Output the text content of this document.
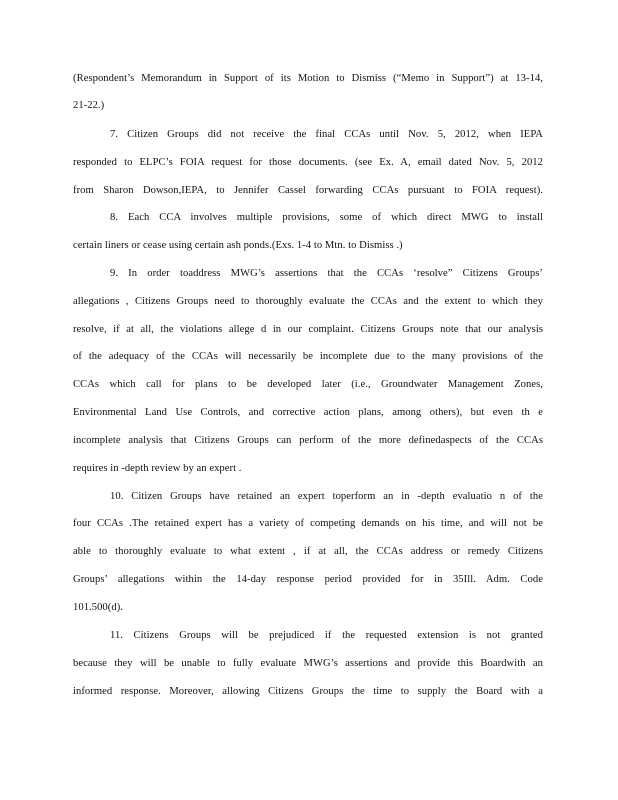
(Respondent’s Memorandum in Support of its Motion to Dismiss (“Memo in Support”) at 13-14,
21-22.)
7. Citizen Groups did not receive the final CCAs until Nov. 5, 2012, when IEPA
responded to ELPC’s FOIA request for those documents. (see Ex. A, email dated Nov. 5, 2012
from Sharon Dowson,IEPA, to Jennifer Cassel forwarding CCAs pursuant to FOIA request).
8. Each CCA involves multiple provisions, some of which direct MWG to install
certain liners or cease using certain ash ponds.(Exs. 1-4 to Mtn. to Dismiss .)
9. In order toaddress MWG’s assertions that the CCAs ‘resolve” Citizens Groups’
allegations , Citizens Groups need to thoroughly evaluate the CCAs and the extent to which they
resolve, if at all, the violations allege d in our complaint. Citizens Groups note that our analysis
of the adequacy of the CCAs will necessarily be incomplete due to the many provisions of the
CCAs which call for plans to be developed later (i.e., Groundwater Management Zones,
Environmental Land Use Controls, and corrective action plans, among others), but even th e
incomplete analysis that Citizens Groups can perform of the more definedaspects of the CCAs
requires in -depth review by an expert .
10. Citizen Groups have retained an expert toperform an in -depth evaluatio n of the
four CCAs .The retained expert has a variety of competing demands on his time, and will not be
able to thoroughly evaluate to what extent , if at all, the CCAs address or remedy Citizens
Groups’ allegations within the 14-day response period provided for in 35Ill. Adm. Code
101.500(d).
11. Citizens Groups will be prejudiced if the requested extension is not granted
because they will be unable to fully evaluate MWG’s assertions and provide this Boardwith an
informed response. Moreover, allowing Citizens Groups the time to supply the Board with a
